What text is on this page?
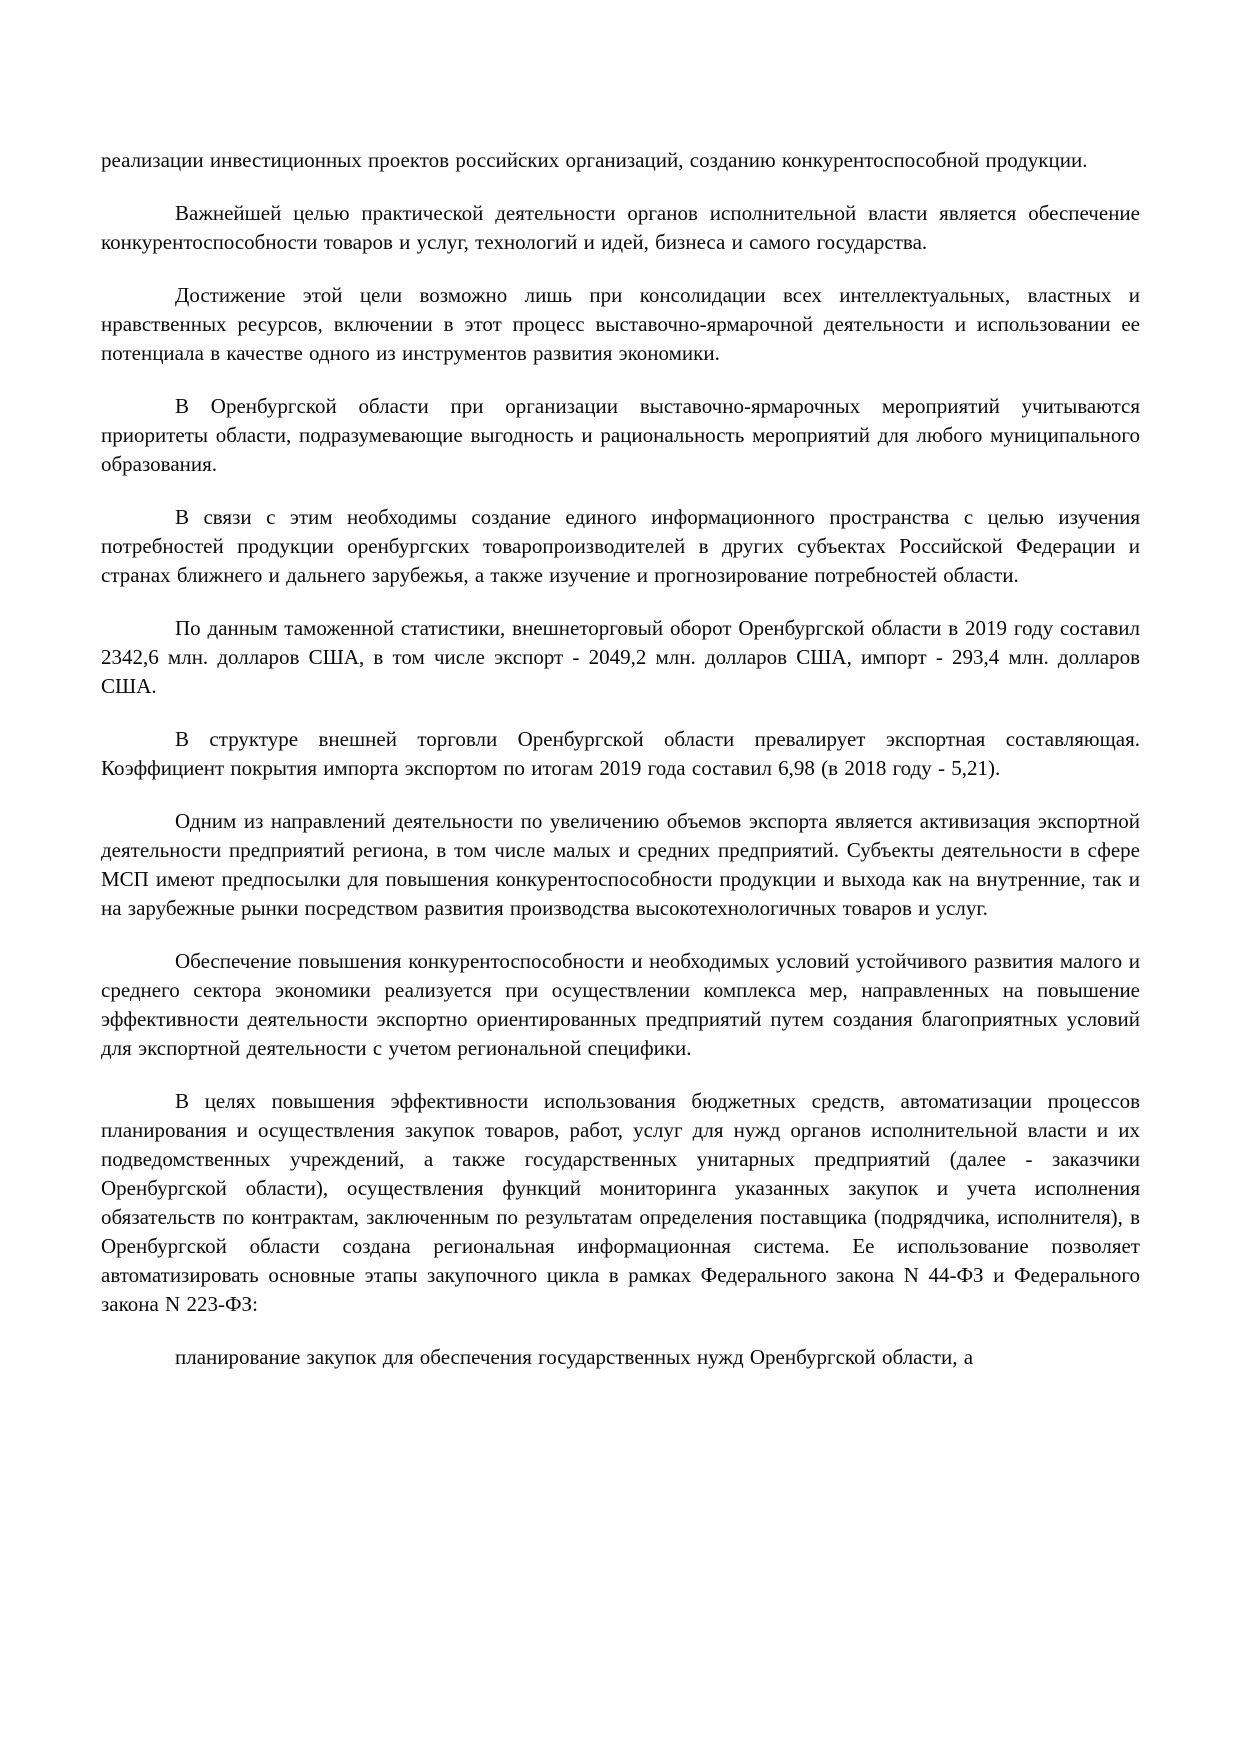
реализации инвестиционных проектов российских организаций, созданию конкурентоспособной продукции.

Важнейшей целью практической деятельности органов исполнительной власти является обеспечение конкурентоспособности товаров и услуг, технологий и идей, бизнеса и самого государства.

Достижение этой цели возможно лишь при консолидации всех интеллектуальных, властных и нравственных ресурсов, включении в этот процесс выставочно-ярмарочной деятельности и использовании ее потенциала в качестве одного из инструментов развития экономики.

В Оренбургской области при организации выставочно-ярмарочных мероприятий учитываются приоритеты области, подразумевающие выгодность и рациональность мероприятий для любого муниципального образования.

В связи с этим необходимы создание единого информационного пространства с целью изучения потребностей продукции оренбургских товаропроизводителей в других субъектах Российской Федерации и странах ближнего и дальнего зарубежья, а также изучение и прогнозирование потребностей области.

По данным таможенной статистики, внешнеторговый оборот Оренбургской области в 2019 году составил 2342,6 млн. долларов США, в том числе экспорт - 2049,2 млн. долларов США, импорт - 293,4 млн. долларов США.

В структуре внешней торговли Оренбургской области превалирует экспортная составляющая. Коэффициент покрытия импорта экспортом по итогам 2019 года составил 6,98 (в 2018 году - 5,21).

Одним из направлений деятельности по увеличению объемов экспорта является активизация экспортной деятельности предприятий региона, в том числе малых и средних предприятий. Субъекты деятельности в сфере МСП имеют предпосылки для повышения конкурентоспособности продукции и выхода как на внутренние, так и на зарубежные рынки посредством развития производства высокотехнологичных товаров и услуг.

Обеспечение повышения конкурентоспособности и необходимых условий устойчивого развития малого и среднего сектора экономики реализуется при осуществлении комплекса мер, направленных на повышение эффективности деятельности экспортно ориентированных предприятий путем создания благоприятных условий для экспортной деятельности с учетом региональной специфики.

В целях повышения эффективности использования бюджетных средств, автоматизации процессов планирования и осуществления закупок товаров, работ, услуг для нужд органов исполнительной власти и их подведомственных учреждений, а также государственных унитарных предприятий (далее - заказчики Оренбургской области), осуществления функций мониторинга указанных закупок и учета исполнения обязательств по контрактам, заключенным по результатам определения поставщика (подрядчика, исполнителя), в Оренбургской области создана региональная информационная система. Ее использование позволяет автоматизировать основные этапы закупочного цикла в рамках Федерального закона N 44-ФЗ и Федерального закона N 223-ФЗ:

планирование закупок для обеспечения государственных нужд Оренбургской области, а
